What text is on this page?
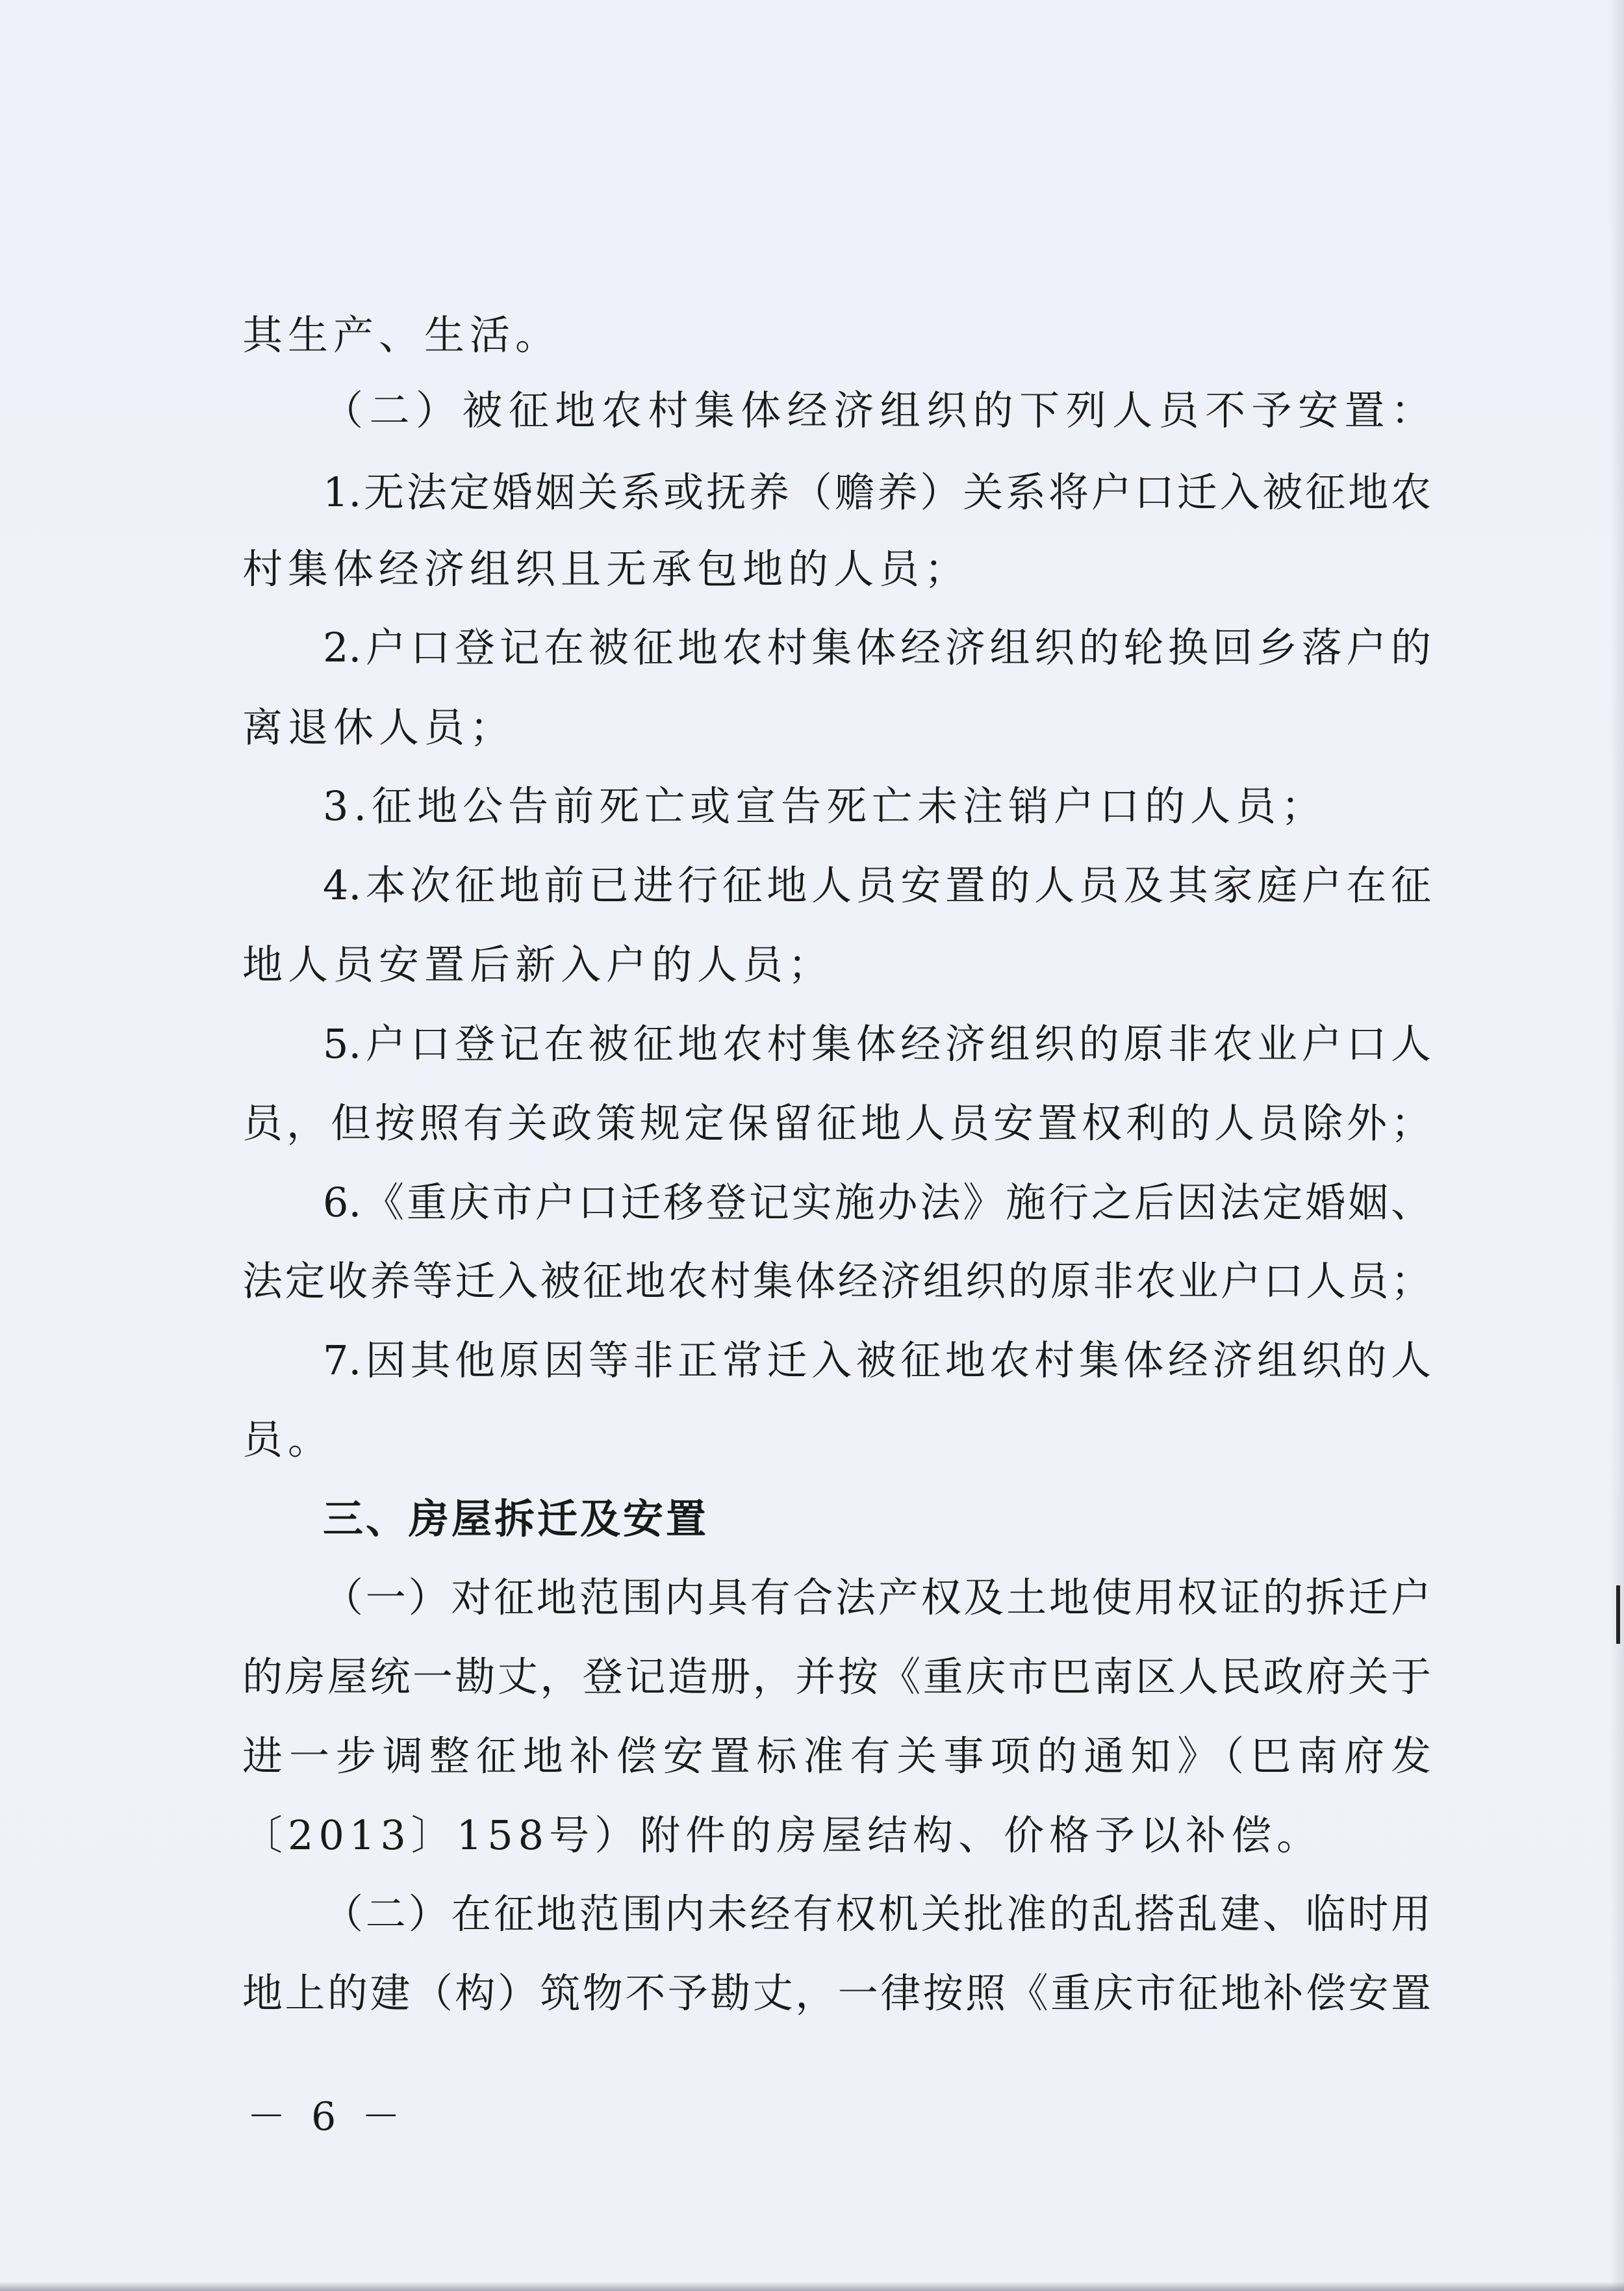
其生产、生活。
（二）被征地农村集体经济组织的下列人员不予安置：
1.无法定婚姻关系或抚养（赡养）关系将户口迁入被征地农
村集体经济组织且无承包地的人员；
2.户口登记在被征地农村集体经济组织的轮换回乡落户的
离退休人员；
3.征地公告前死亡或宣告死亡未注销户口的人员；
4.本次征地前已进行征地人员安置的人员及其家庭户在征
地人员安置后新入户的人员；
5.户口登记在被征地农村集体经济组织的原非农业户口人
员，但按照有关政策规定保留征地人员安置权利的人员除外；
6.《重庆市户口迁移登记实施办法》施行之后因法定婚姻、
法定收养等迁入被征地农村集体经济组织的原非农业户口人员；
7.因其他原因等非正常迁入被征地农村集体经济组织的人
员。
三、房屋拆迁及安置
（一）对征地范围内具有合法产权及土地使用权证的拆迁户
的房屋统一勘丈，登记造册，并按《重庆市巴南区人民政府关于
进一步调整征地补偿安置标准有关事项的通知》（巴南府发
〔2013〕158号）附件的房屋结构、价格予以补偿。
（二）在征地范围内未经有权机关批准的乱搭乱建、临时用
地上的建（构）筑物不予勘丈，一律按照《重庆市征地补偿安置
－ 6 －
